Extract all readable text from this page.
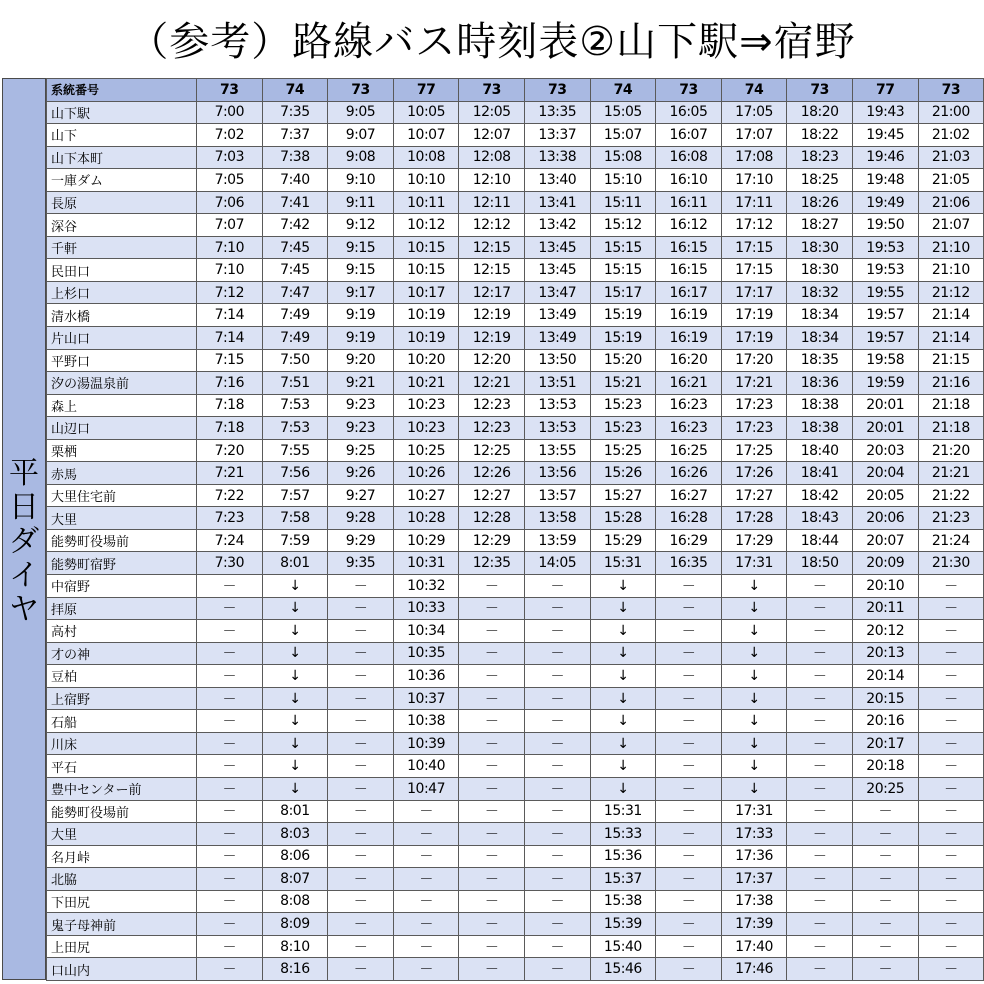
（参考）路線バス時刻表②山下駅⇒宿野
平
日
ダ
イ
ヤ
系統番号	73	74	73	77	73	73	74	73	74	73	77	73
山下駅	7:00	7:35	9:05	10:05	12:05	13:35	15:05	16:05	17:05	18:20	19:43	21:00
山下	7:02	7:37	9:07	10:07	12:07	13:37	15:07	16:07	17:07	18:22	19:45	21:02
山下本町	7:03	7:38	9:08	10:08	12:08	13:38	15:08	16:08	17:08	18:23	19:46	21:03
一庫ダム	7:05	7:40	9:10	10:10	12:10	13:40	15:10	16:10	17:10	18:25	19:48	21:05
長原	7:06	7:41	9:11	10:11	12:11	13:41	15:11	16:11	17:11	18:26	19:49	21:06
深谷	7:07	7:42	9:12	10:12	12:12	13:42	15:12	16:12	17:12	18:27	19:50	21:07
千軒	7:10	7:45	9:15	10:15	12:15	13:45	15:15	16:15	17:15	18:30	19:53	21:10
民田口	7:10	7:45	9:15	10:15	12:15	13:45	15:15	16:15	17:15	18:30	19:53	21:10
上杉口	7:12	7:47	9:17	10:17	12:17	13:47	15:17	16:17	17:17	18:32	19:55	21:12
清水橋	7:14	7:49	9:19	10:19	12:19	13:49	15:19	16:19	17:19	18:34	19:57	21:14
片山口	7:14	7:49	9:19	10:19	12:19	13:49	15:19	16:19	17:19	18:34	19:57	21:14
平野口	7:15	7:50	9:20	10:20	12:20	13:50	15:20	16:20	17:20	18:35	19:58	21:15
汐の湯温泉前	7:16	7:51	9:21	10:21	12:21	13:51	15:21	16:21	17:21	18:36	19:59	21:16
森上	7:18	7:53	9:23	10:23	12:23	13:53	15:23	16:23	17:23	18:38	20:01	21:18
山辺口	7:18	7:53	9:23	10:23	12:23	13:53	15:23	16:23	17:23	18:38	20:01	21:18
栗栖	7:20	7:55	9:25	10:25	12:25	13:55	15:25	16:25	17:25	18:40	20:03	21:20
赤馬	7:21	7:56	9:26	10:26	12:26	13:56	15:26	16:26	17:26	18:41	20:04	21:21
大里住宅前	7:22	7:57	9:27	10:27	12:27	13:57	15:27	16:27	17:27	18:42	20:05	21:22
大里	7:23	7:58	9:28	10:28	12:28	13:58	15:28	16:28	17:28	18:43	20:06	21:23
能勢町役場前	7:24	7:59	9:29	10:29	12:29	13:59	15:29	16:29	17:29	18:44	20:07	21:24
能勢町宿野	7:30	8:01	9:35	10:31	12:35	14:05	15:31	16:35	17:31	18:50	20:09	21:30
中宿野	－	↓	－	10:32	－	－	↓	－	↓	－	20:10	－
拝原	－	↓	－	10:33	－	－	↓	－	↓	－	20:11	－
高村	－	↓	－	10:34	－	－	↓	－	↓	－	20:12	－
才の神	－	↓	－	10:35	－	－	↓	－	↓	－	20:13	－
豆柏	－	↓	－	10:36	－	－	↓	－	↓	－	20:14	－
上宿野	－	↓	－	10:37	－	－	↓	－	↓	－	20:15	－
石船	－	↓	－	10:38	－	－	↓	－	↓	－	20:16	－
川床	－	↓	－	10:39	－	－	↓	－	↓	－	20:17	－
平石	－	↓	－	10:40	－	－	↓	－	↓	－	20:18	－
豊中センター前	－	↓	－	10:47	－	－	↓	－	↓	－	20:25	－
能勢町役場前	－	8:01	－	－	－	－	15:31	－	17:31	－	－	－
大里	－	8:03	－	－	－	－	15:33	－	17:33	－	－	－
名月峠	－	8:06	－	－	－	－	15:36	－	17:36	－	－	－
北脇	－	8:07	－	－	－	－	15:37	－	17:37	－	－	－
下田尻	－	8:08	－	－	－	－	15:38	－	17:38	－	－	－
鬼子母神前	－	8:09	－	－	－	－	15:39	－	17:39	－	－	－
上田尻	－	8:10	－	－	－	－	15:40	－	17:40	－	－	－
口山内	－	8:16	－	－	－	－	15:46	－	17:46	－	－	－
